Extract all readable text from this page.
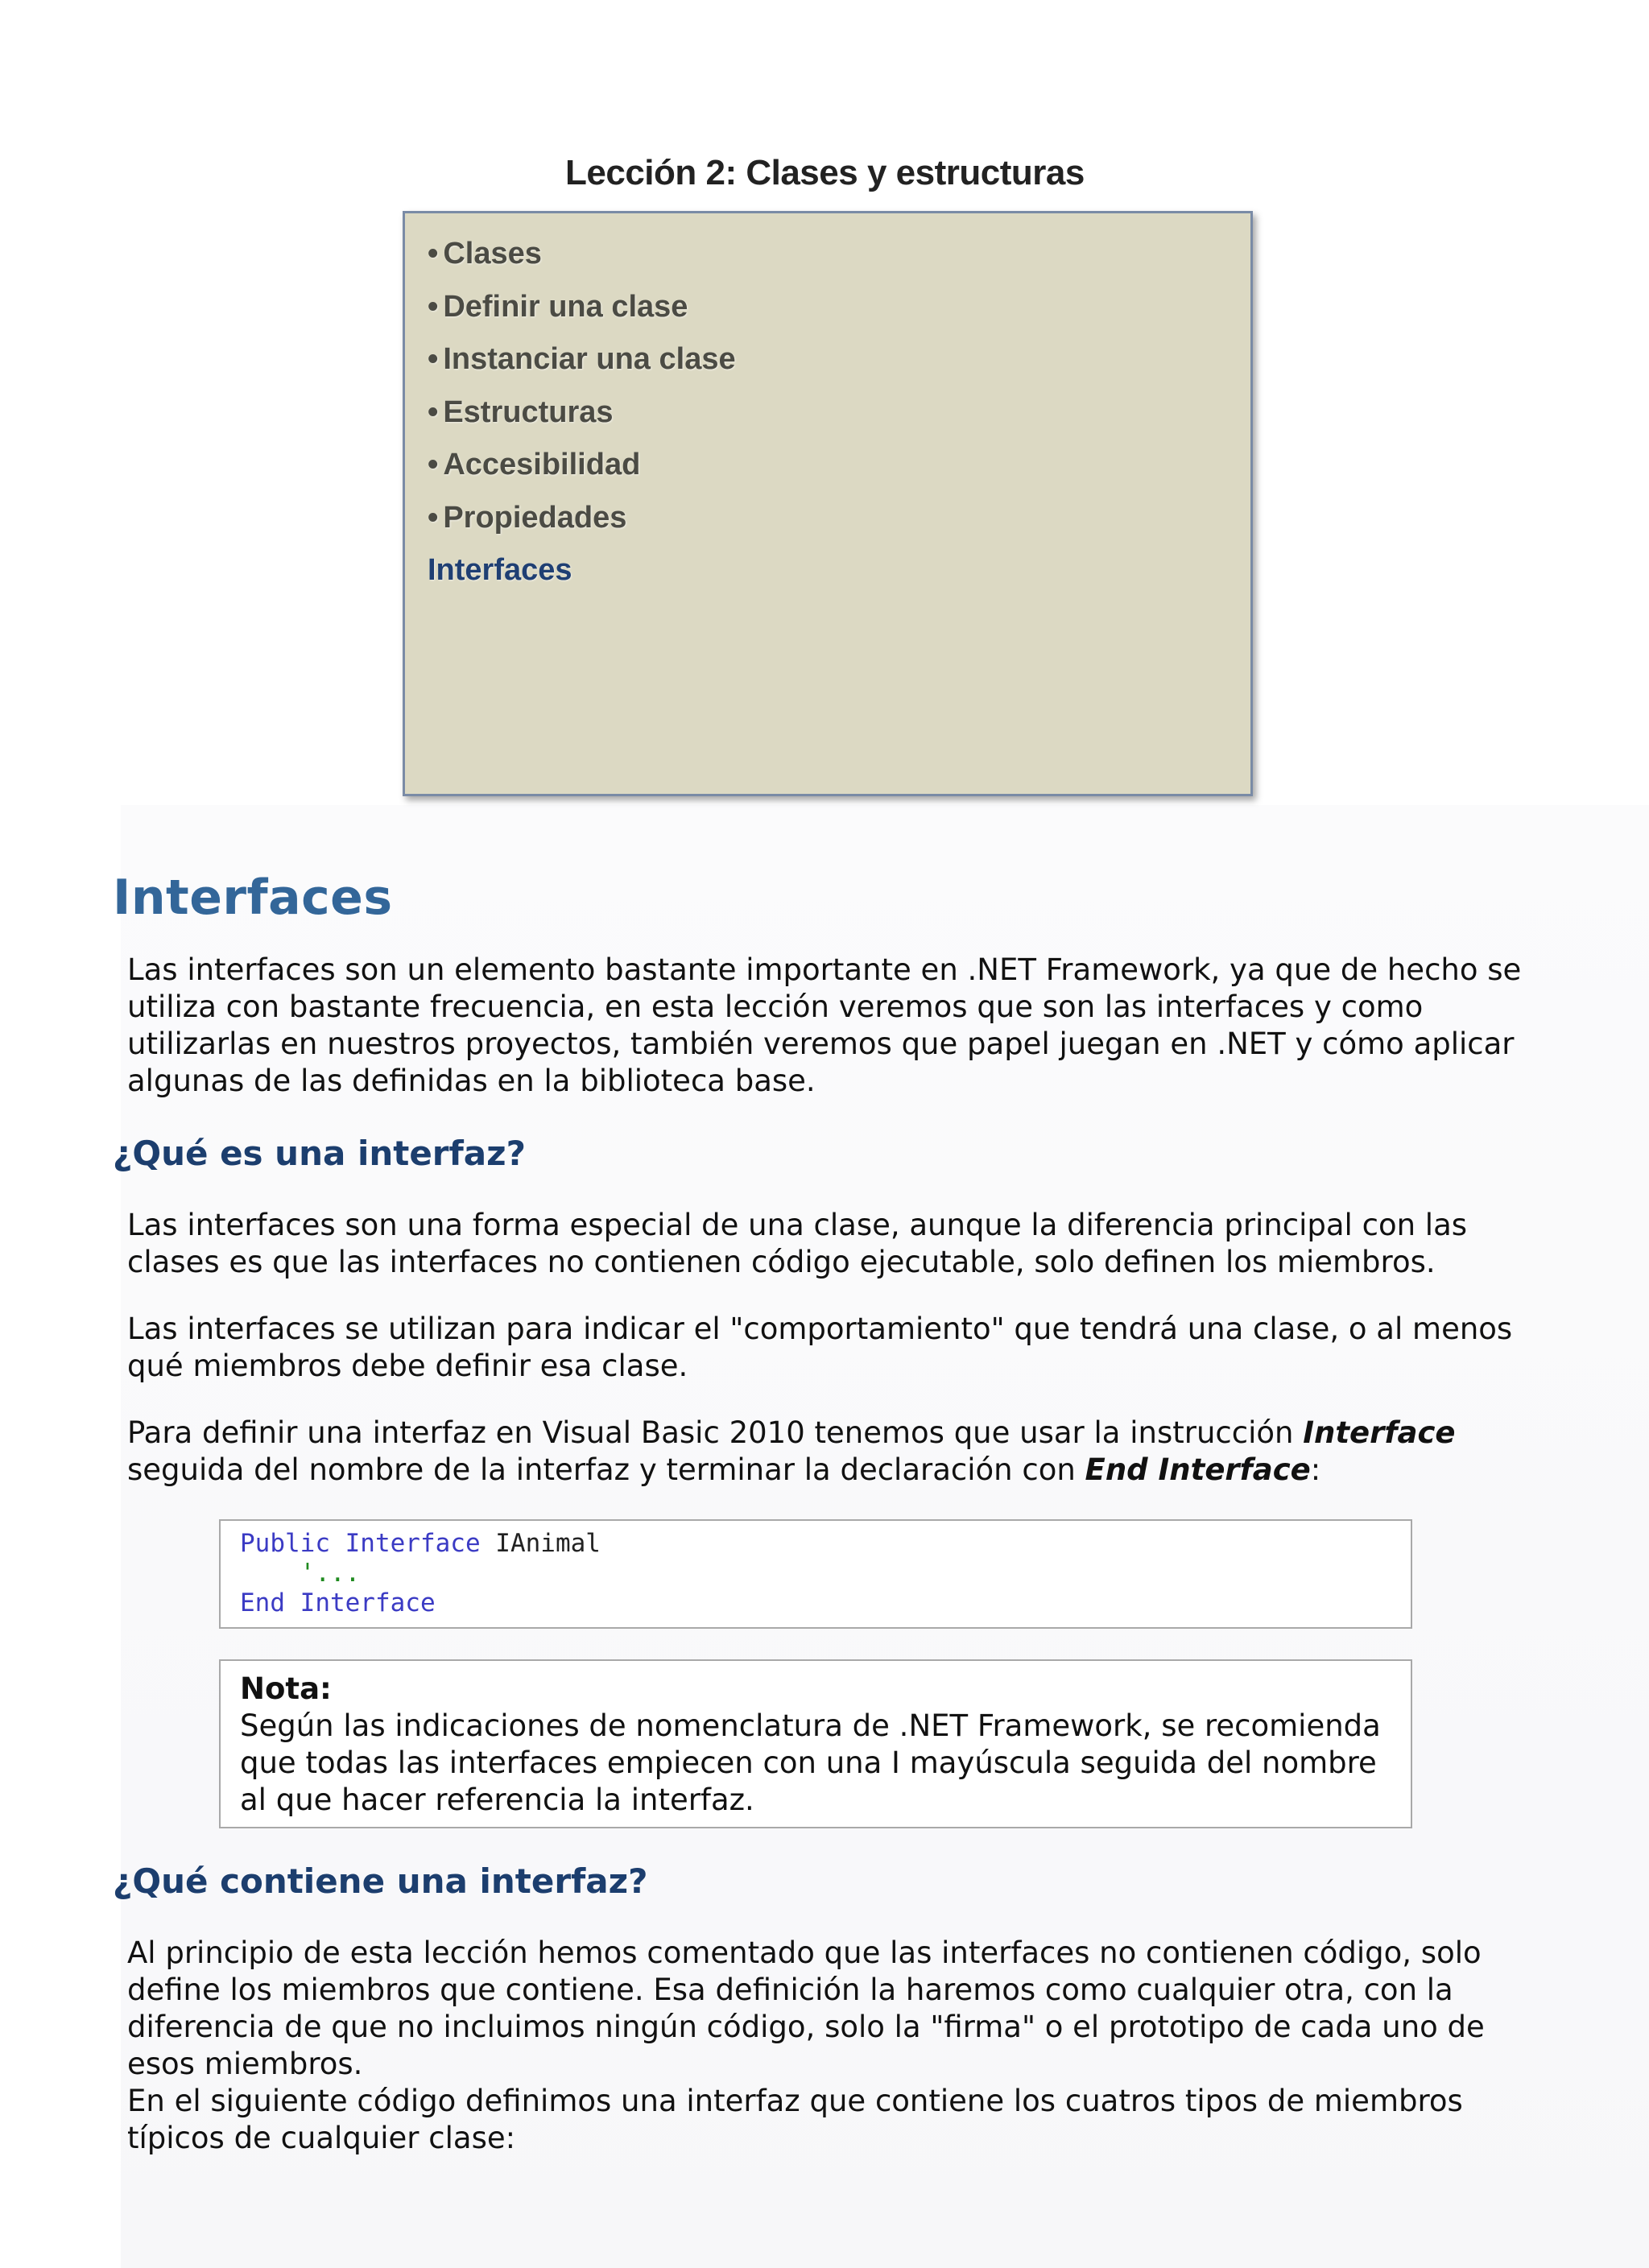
Lección 2: Clases y estructuras
• Clases
• Definir una clase
• Instanciar una clase
• Estructuras
• Accesibilidad
• Propiedades
Interfaces
Interfaces

Las interfaces son un elemento bastante importante en .NET Framework, ya que de hecho se utiliza con bastante frecuencia, en esta lección veremos que son las interfaces y como utilizarlas en nuestros proyectos, también veremos que papel juegan en .NET y cómo aplicar algunas de las definidas en la biblioteca base.

¿Qué es una interfaz?

Las interfaces son una forma especial de una clase, aunque la diferencia principal con las clases es que las interfaces no contienen código ejecutable, solo definen los miembros.

Las interfaces se utilizan para indicar el "comportamiento" que tendrá una clase, o al menos qué miembros debe definir esa clase.

Para definir una interfaz en Visual Basic 2010 tenemos que usar la instrucción Interface seguida del nombre de la interfaz y terminar la declaración con End Interface:

Public Interface IAnimal
'...
End Interface
Nota:
Según las indicaciones de nomenclatura de .NET Framework, se recomienda que todas las interfaces empiecen con una I mayúscula seguida del nombre al que hacer referencia la interfaz.
¿Qué contiene una interfaz?

Al principio de esta lección hemos comentado que las interfaces no contienen código, solo define los miembros que contiene. Esa definición la haremos como cualquier otra, con la diferencia de que no incluimos ningún código, solo la "firma" o el prototipo de cada uno de esos miembros.

En el siguiente código definimos una interfaz que contiene los cuatros tipos de miembros típicos de cualquier clase:
